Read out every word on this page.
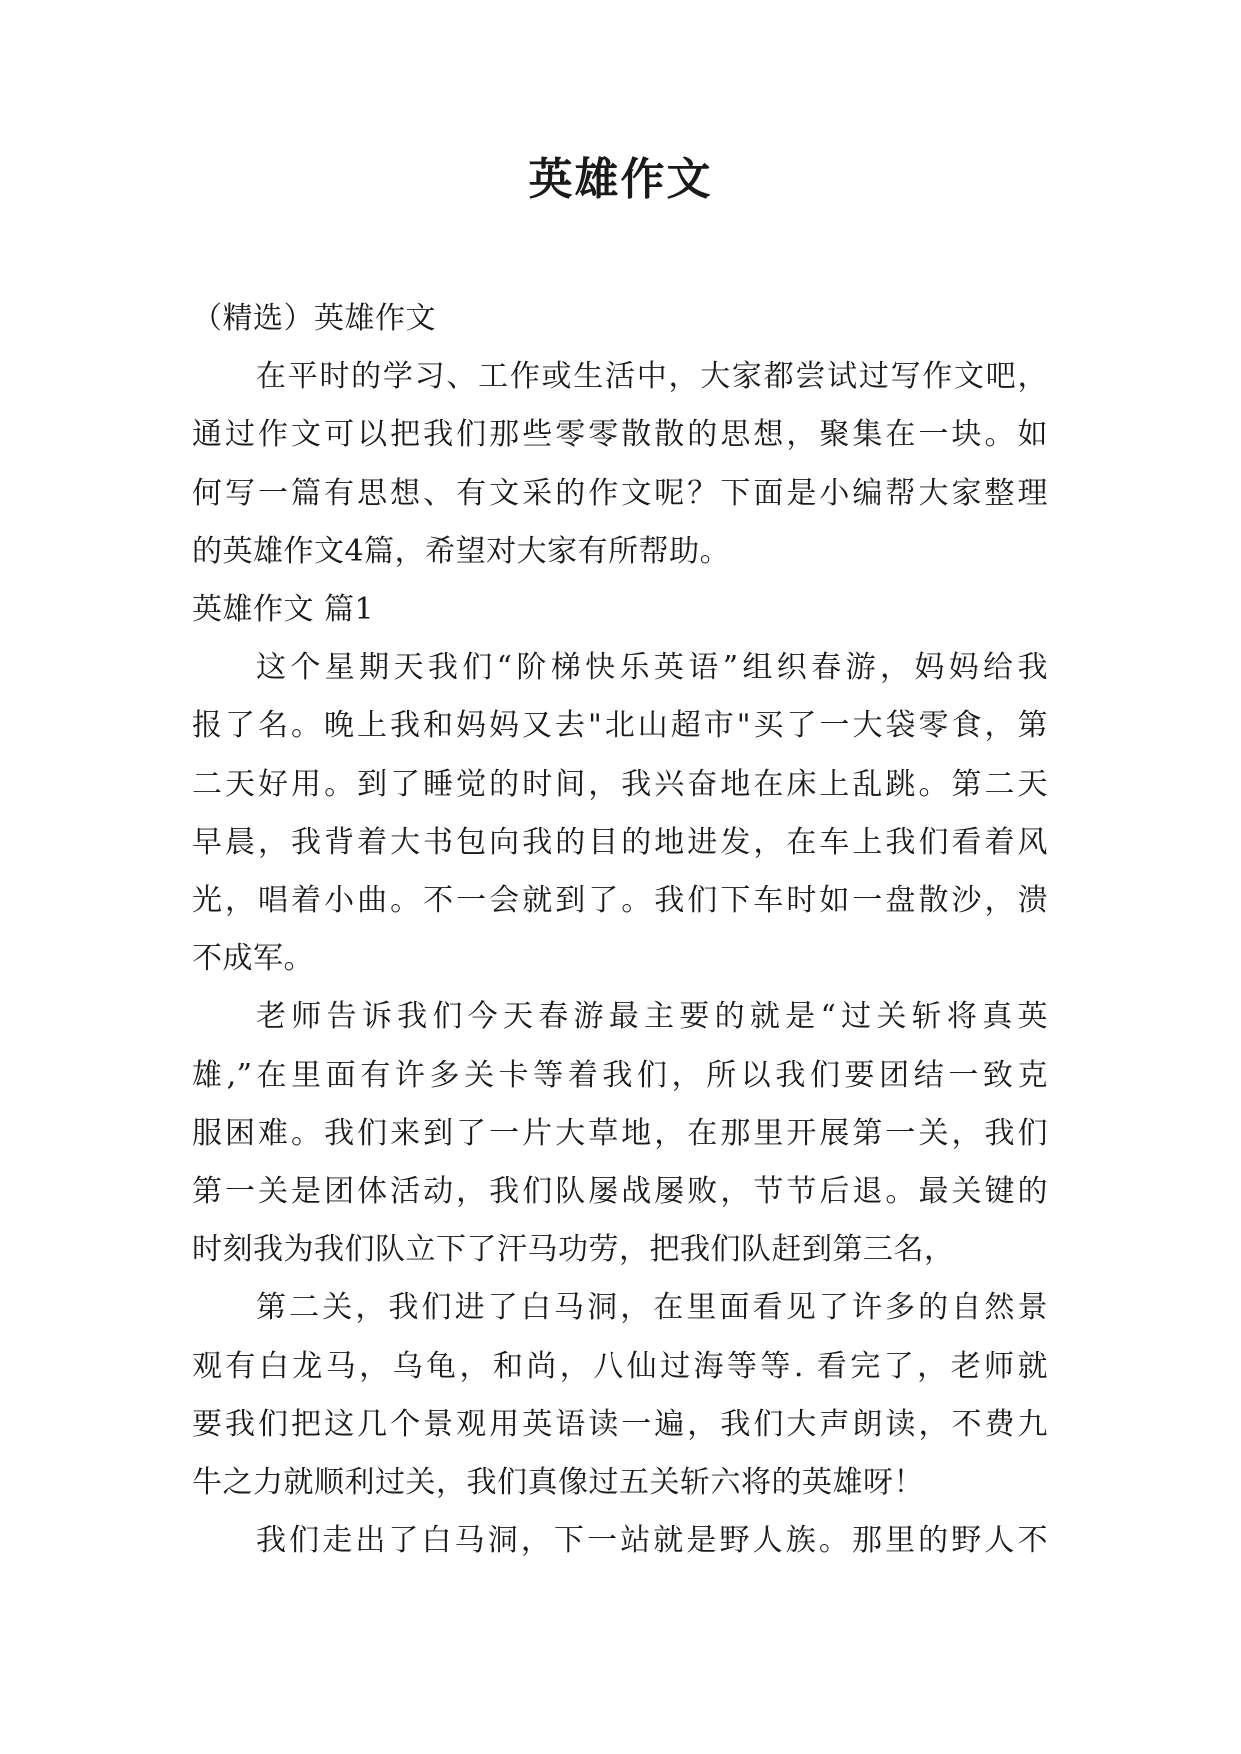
英雄作文
（精选）英雄作文
在平时的学习、工作或生活中，大家都尝试过写作文吧，
通过作文可以把我们那些零零散散的思想，聚集在一块。如
何写一篇有思想、有文采的作文呢？下面是小编帮大家整理
的英雄作文4篇，希望对大家有所帮助。
英雄作文 篇1
这个星期天我们“阶梯快乐英语”组织春游，妈妈给我
报了名。晚上我和妈妈又去"北山超市"买了一大袋零食，第
二天好用。到了睡觉的时间，我兴奋地在床上乱跳。第二天
早晨，我背着大书包向我的目的地进发，在车上我们看着风
光，唱着小曲。不一会就到了。我们下车时如一盘散沙，溃
不成军。
老师告诉我们今天春游最主要的就是“过关斩将真英
雄,”在里面有许多关卡等着我们，所以我们要团结一致克
服困难。我们来到了一片大草地，在那里开展第一关，我们
第一关是团体活动，我们队屡战屡败，节节后退。最关键的
时刻我为我们队立下了汗马功劳，把我们队赶到第三名，
第二关，我们进了白马洞，在里面看见了许多的自然景
观有白龙马，乌龟，和尚，八仙过海等等. 看完了，老师就
要我们把这几个景观用英语读一遍，我们大声朗读，不费九
牛之力就顺利过关，我们真像过五关斩六将的英雄呀！
我们走出了白马洞，下一站就是野人族。那里的野人不
